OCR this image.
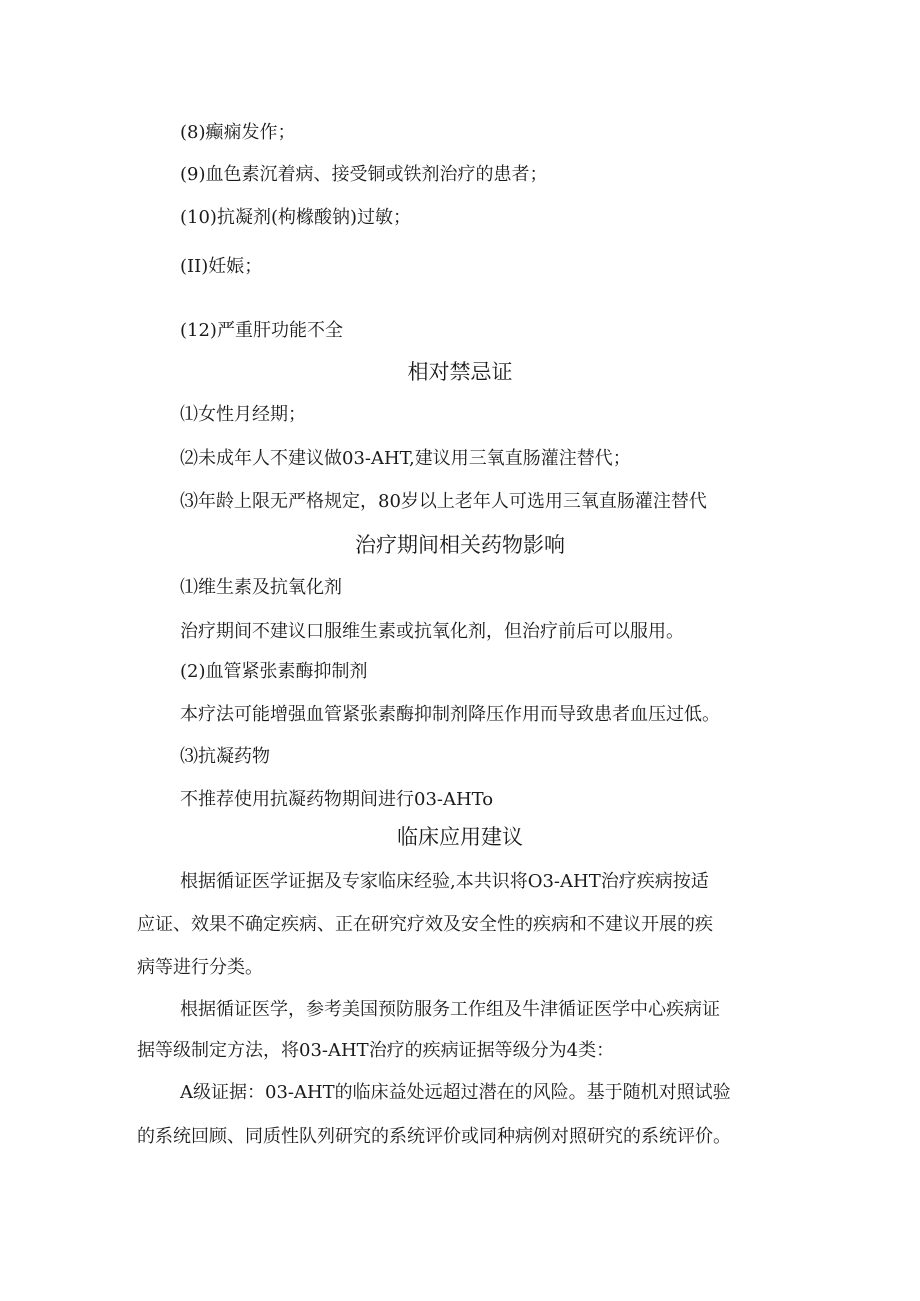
(8)癫痫发作；
(9)血色素沉着病、接受铜或铁剂治疗的患者；
(10)抗凝剂(枸橼酸钠)过敏；
(II)妊娠；
(12)严重肝功能不全
相对禁忌证
⑴女性月经期；
⑵未成年人不建议做03-AHT,建议用三氧直肠灌注替代；
⑶年龄上限无严格规定，80岁以上老年人可选用三氧直肠灌注替代
治疗期间相关药物影响
⑴维生素及抗氧化剂
治疗期间不建议口服维生素或抗氧化剂，但治疗前后可以服用。
(2)血管紧张素酶抑制剂
本疗法可能增强血管紧张素酶抑制剂降压作用而导致患者血压过低。
⑶抗凝药物
不推荐使用抗凝药物期间进行03-AHTo
临床应用建议
根据循证医学证据及专家临床经验,本共识将O3-AHT治疗疾病按适
应证、效果不确定疾病、正在研究疗效及安全性的疾病和不建议开展的疾
病等进行分类。
根据循证医学，参考美国预防服务工作组及牛津循证医学中心疾病证
据等级制定方法，将03-AHT治疗的疾病证据等级分为4类：
A级证据：03-AHT的临床益处远超过潜在的风险。基于随机对照试验
的系统回顾、同质性队列研究的系统评价或同种病例对照研究的系统评价。
